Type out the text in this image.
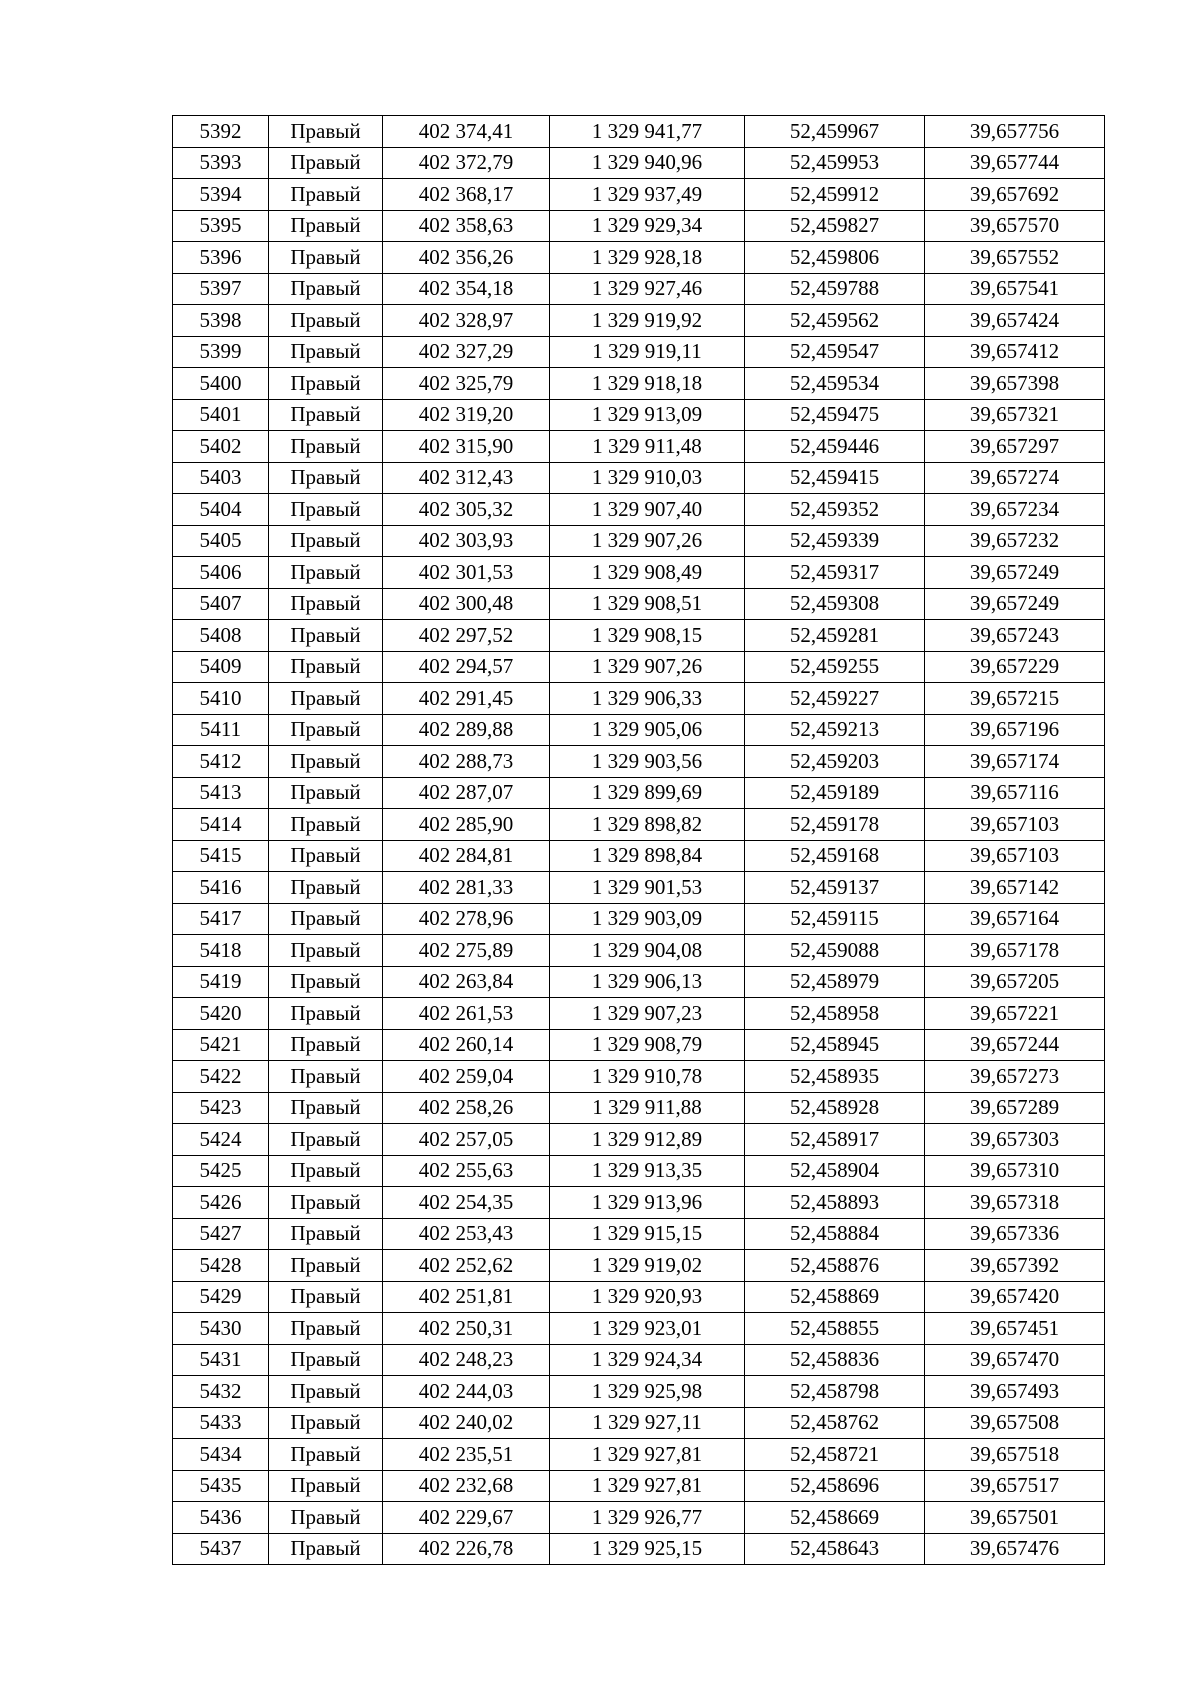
5392	Правый	402 374,41	1 329 941,77	52,459967	39,657756
5393	Правый	402 372,79	1 329 940,96	52,459953	39,657744
5394	Правый	402 368,17	1 329 937,49	52,459912	39,657692
5395	Правый	402 358,63	1 329 929,34	52,459827	39,657570
5396	Правый	402 356,26	1 329 928,18	52,459806	39,657552
5397	Правый	402 354,18	1 329 927,46	52,459788	39,657541
5398	Правый	402 328,97	1 329 919,92	52,459562	39,657424
5399	Правый	402 327,29	1 329 919,11	52,459547	39,657412
5400	Правый	402 325,79	1 329 918,18	52,459534	39,657398
5401	Правый	402 319,20	1 329 913,09	52,459475	39,657321
5402	Правый	402 315,90	1 329 911,48	52,459446	39,657297
5403	Правый	402 312,43	1 329 910,03	52,459415	39,657274
5404	Правый	402 305,32	1 329 907,40	52,459352	39,657234
5405	Правый	402 303,93	1 329 907,26	52,459339	39,657232
5406	Правый	402 301,53	1 329 908,49	52,459317	39,657249
5407	Правый	402 300,48	1 329 908,51	52,459308	39,657249
5408	Правый	402 297,52	1 329 908,15	52,459281	39,657243
5409	Правый	402 294,57	1 329 907,26	52,459255	39,657229
5410	Правый	402 291,45	1 329 906,33	52,459227	39,657215
5411	Правый	402 289,88	1 329 905,06	52,459213	39,657196
5412	Правый	402 288,73	1 329 903,56	52,459203	39,657174
5413	Правый	402 287,07	1 329 899,69	52,459189	39,657116
5414	Правый	402 285,90	1 329 898,82	52,459178	39,657103
5415	Правый	402 284,81	1 329 898,84	52,459168	39,657103
5416	Правый	402 281,33	1 329 901,53	52,459137	39,657142
5417	Правый	402 278,96	1 329 903,09	52,459115	39,657164
5418	Правый	402 275,89	1 329 904,08	52,459088	39,657178
5419	Правый	402 263,84	1 329 906,13	52,458979	39,657205
5420	Правый	402 261,53	1 329 907,23	52,458958	39,657221
5421	Правый	402 260,14	1 329 908,79	52,458945	39,657244
5422	Правый	402 259,04	1 329 910,78	52,458935	39,657273
5423	Правый	402 258,26	1 329 911,88	52,458928	39,657289
5424	Правый	402 257,05	1 329 912,89	52,458917	39,657303
5425	Правый	402 255,63	1 329 913,35	52,458904	39,657310
5426	Правый	402 254,35	1 329 913,96	52,458893	39,657318
5427	Правый	402 253,43	1 329 915,15	52,458884	39,657336
5428	Правый	402 252,62	1 329 919,02	52,458876	39,657392
5429	Правый	402 251,81	1 329 920,93	52,458869	39,657420
5430	Правый	402 250,31	1 329 923,01	52,458855	39,657451
5431	Правый	402 248,23	1 329 924,34	52,458836	39,657470
5432	Правый	402 244,03	1 329 925,98	52,458798	39,657493
5433	Правый	402 240,02	1 329 927,11	52,458762	39,657508
5434	Правый	402 235,51	1 329 927,81	52,458721	39,657518
5435	Правый	402 232,68	1 329 927,81	52,458696	39,657517
5436	Правый	402 229,67	1 329 926,77	52,458669	39,657501
5437	Правый	402 226,78	1 329 925,15	52,458643	39,657476
